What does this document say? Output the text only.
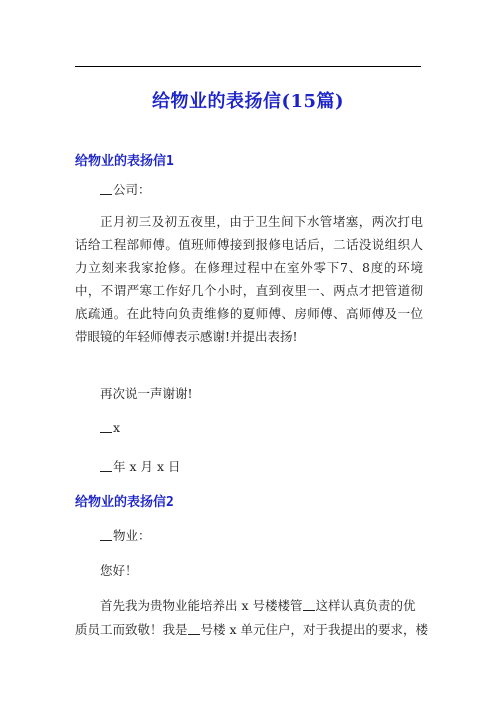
给物业的表扬信(15篇)
给物业的表扬信1
公司：
正月初三及初五夜里，由于卫生间下水管堵塞，两次打电话给工程部师傅。值班师傅接到报修电话后，二话没说组织人力立刻来我家抢修。在修理过程中在室外零下7、8度的环境中，不谓严寒工作好几个小时，直到夜里一、两点才把管道彻底疏通。在此特向负责维修的夏师傅、房师傅、高师傅及一位带眼镜的年轻师傅表示感谢!并提出表扬!
再次说一声谢谢!
x
年 x 月 x 日
给物业的表扬信2
物业：
您好！
首先我为贵物业能培养出 x 号楼楼管 这样认真负责的优
质员工而致敬！我是 号楼 x 单元住户，对于我提出的要求，楼
